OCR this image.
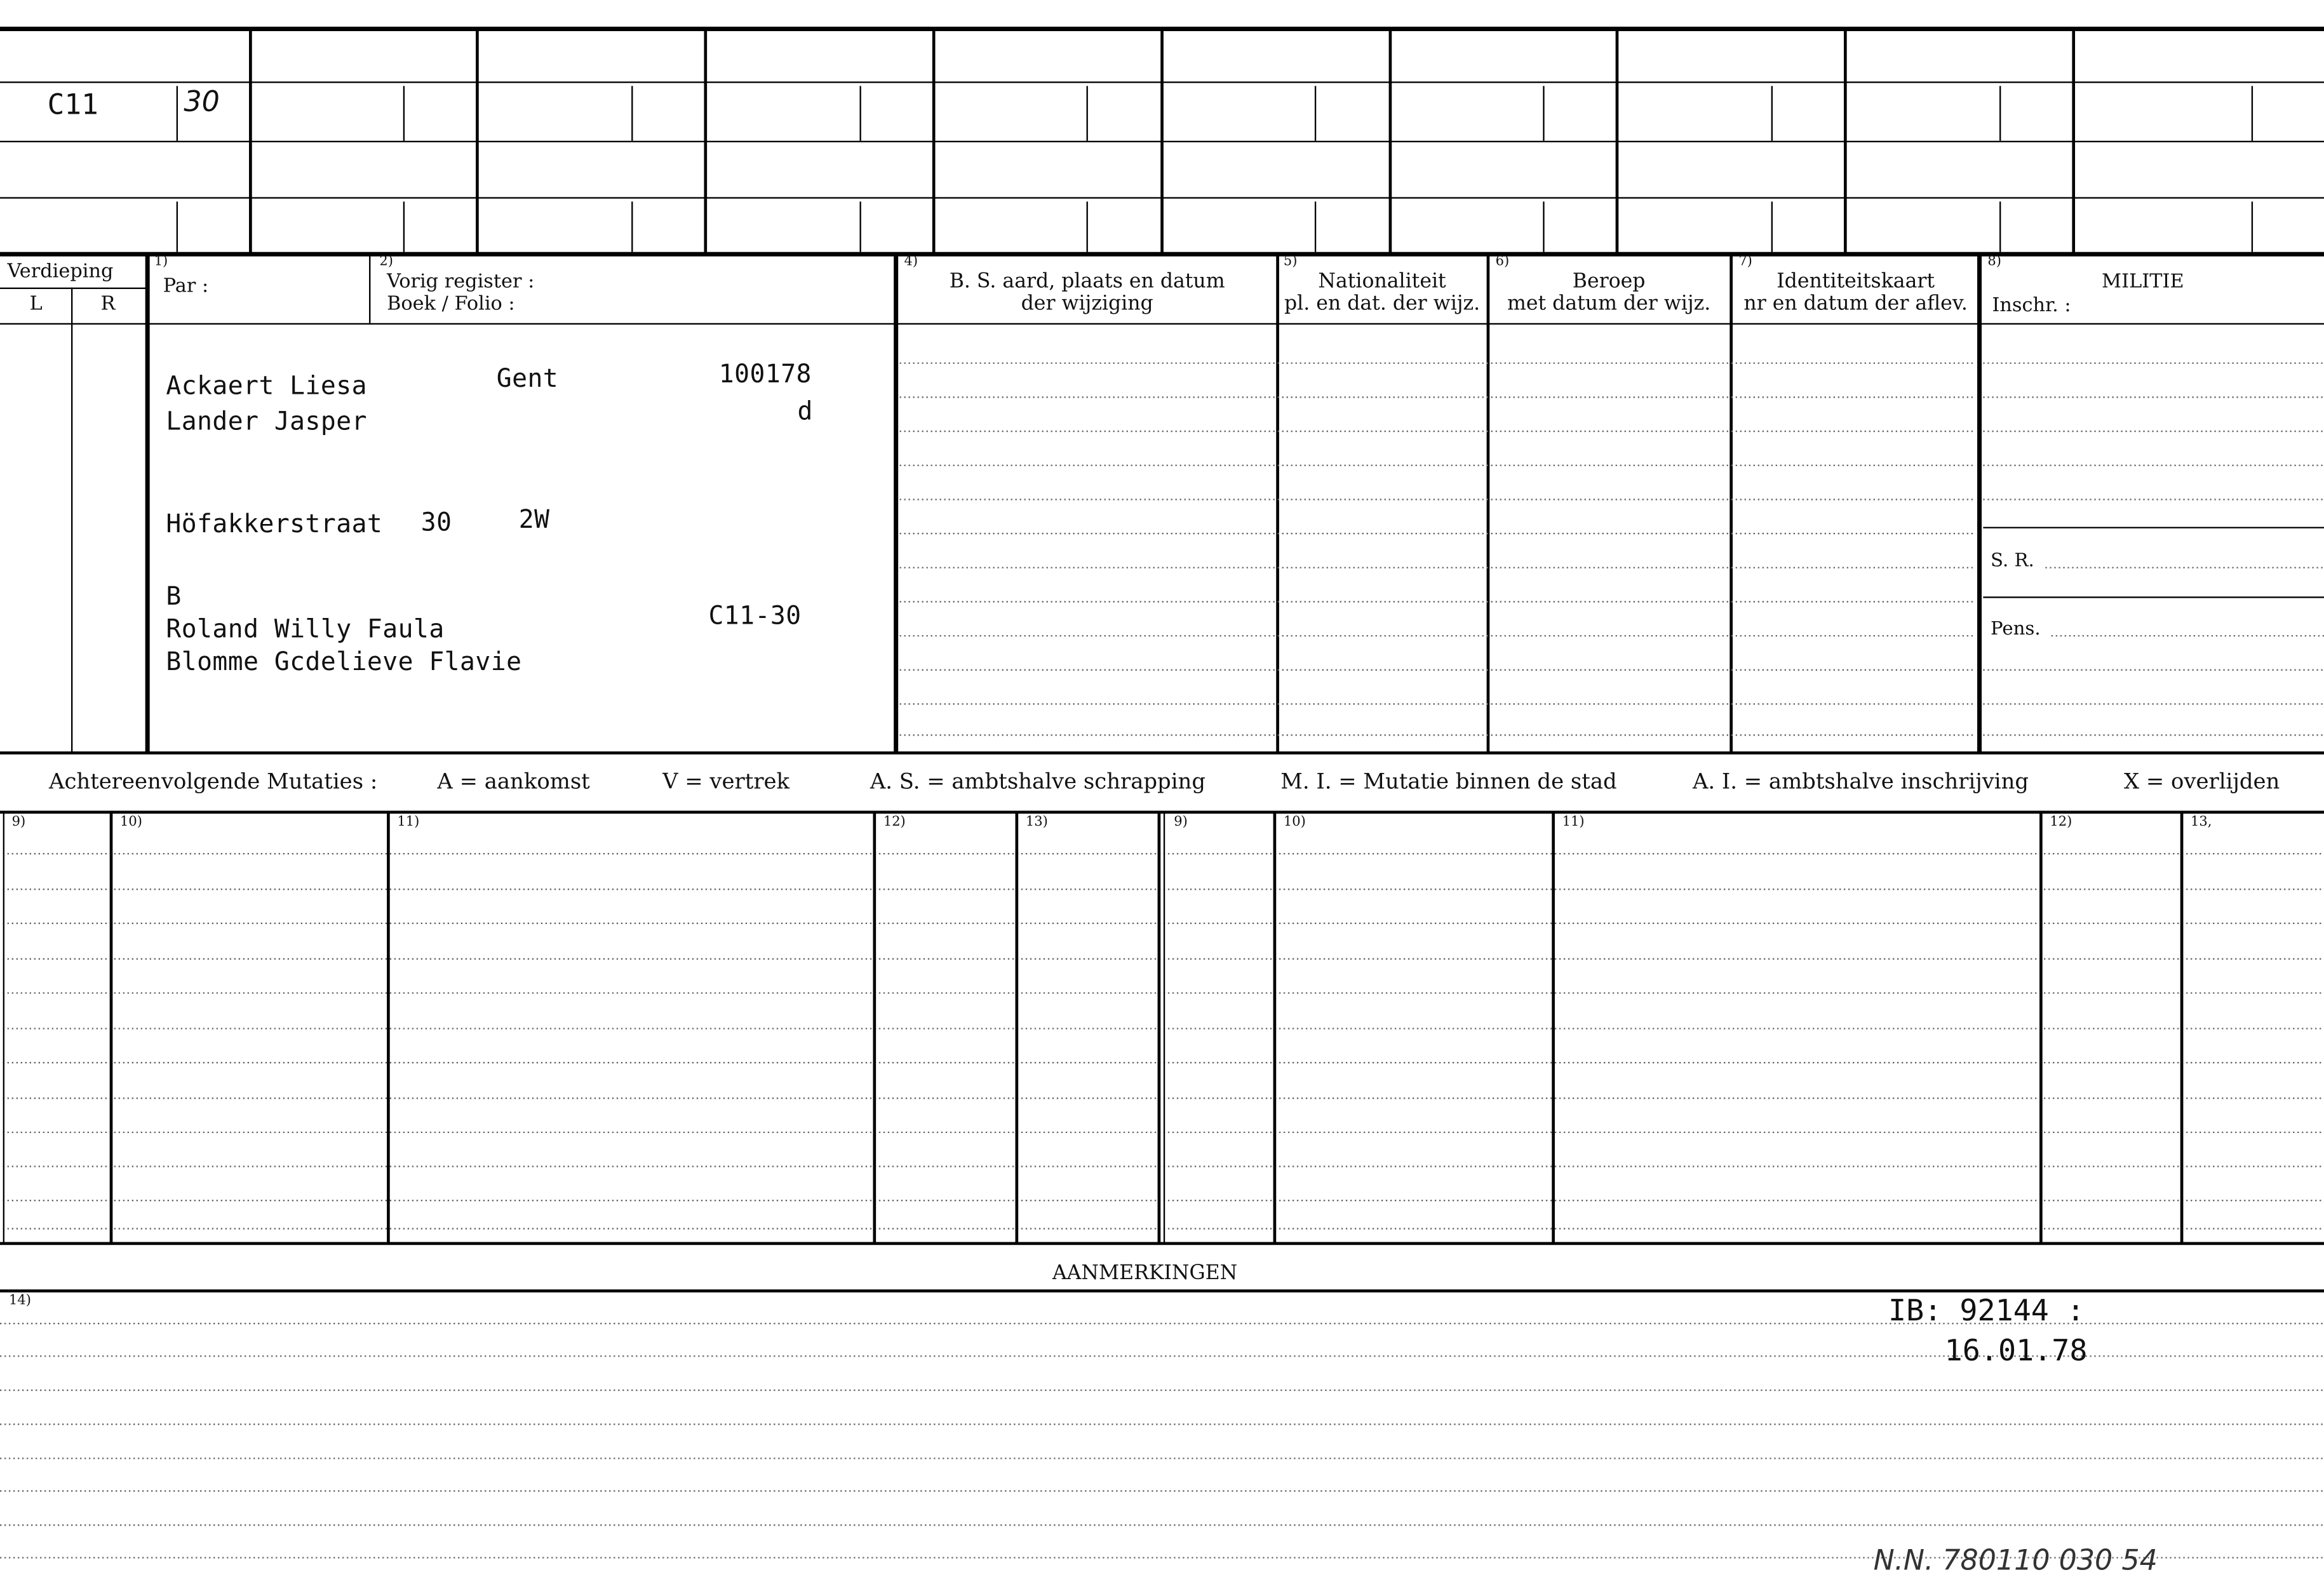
C11	30
Verdieping
L	R
1)
Par :
2)
Vorig register :
Boek / Folio :
4)
B. S. aard, plaats en datum
der wijziging
5)
Nationaliteit
pl. en dat. der wijz.
6)
Beroep
met datum der wijz.
7)
Identiteitskaart
nr en datum der aflev.
8)
MILITIE
Inschr. :
S. R.
Pens.
Ackaert Liesa	Gent	100178
Lander Jasper	d
Höfakkerstraat	30	2W
B
Roland Willy Faula	C11-30
Blomme Gcdelieve Flavie
Achtereenvolgende Mutaties :	A = aankomst	V = vertrek	A. S. = ambtshalve schrapping	M. I. = Mutatie binnen de stad	A. I. = ambtshalve inschrijving	X = overlijden
9)	10)	11)	12)	13)	9)	10)	11)	12)	13,
AANMERKINGEN
14)	IB: 92144 :
16.01.78
N.N. 780110 030 54
